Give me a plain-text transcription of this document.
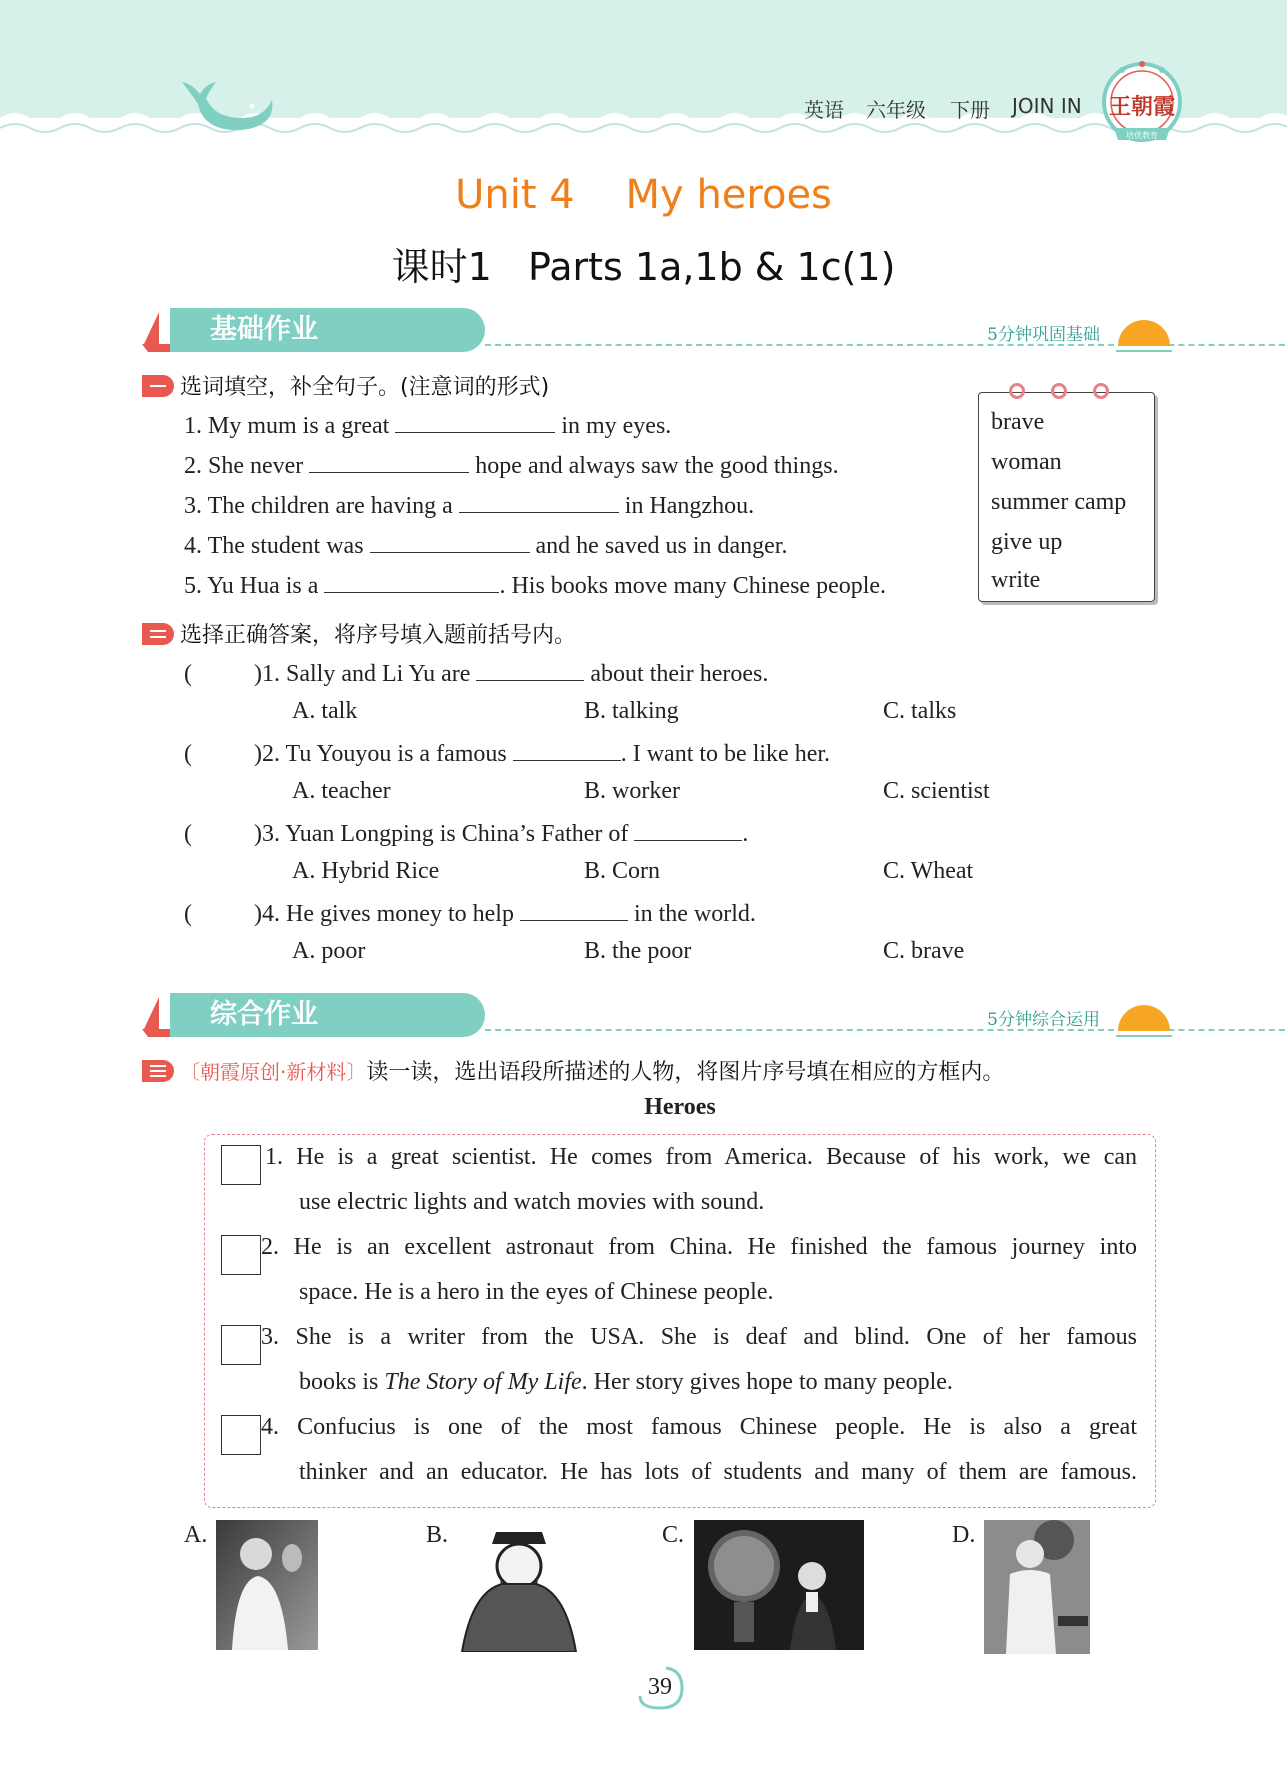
英语 六年级 下册 JOIN IN	王朝霞
培优教育
Unit 4    My heroes
课时1   Parts 1a,1b & 1c(1)
基础作业	5分钟巩固基础
选词填空，补全句子。(注意词的形式)
1. My mum is a great	in my eyes.
2. She never	hope and always saw the good things.
3. The children are having a	in Hangzhou.
4. The student was	and he saved us in danger.
5. Yu Hua is a	. His books move many Chinese people.
brave
woman
summer camp
give up
write
选择正确答案，将序号填入题前括号内。
(	)1. Sally and Li Yu are	about their heroes.
A. talk	B. talking	C. talks
(	)2. Tu Youyou is a famous	. I want to be like her.
A. teacher	B. worker	C. scientist
(	)3. Yuan Longping is China’s Father of	.
A. Hybrid Rice	B. Corn	C. Wheat
(	)4. He gives money to help	in the world.
A. poor	B. the poor	C. brave
综合作业	5分钟综合运用
〔朝霞原创·新材料〕读一读，选出语段所描述的人物，将图片序号填在相应的方框内。
Heroes
1. He is a great scientist. He comes from America. Because of his work, we can
use electric lights and watch movies with sound.
2. He is an excellent astronaut from China. He finished the famous journey into
space. He is a hero in the eyes of Chinese people.
3. She is a writer from the USA. She is deaf and blind. One of her famous
books is The Story of My Life. Her story gives hope to many people.
4. Confucius is one of the most famous Chinese people. He is also a great
thinker and an educator. He has lots of students and many of them are famous.
A.	B.	C.	D.
39
